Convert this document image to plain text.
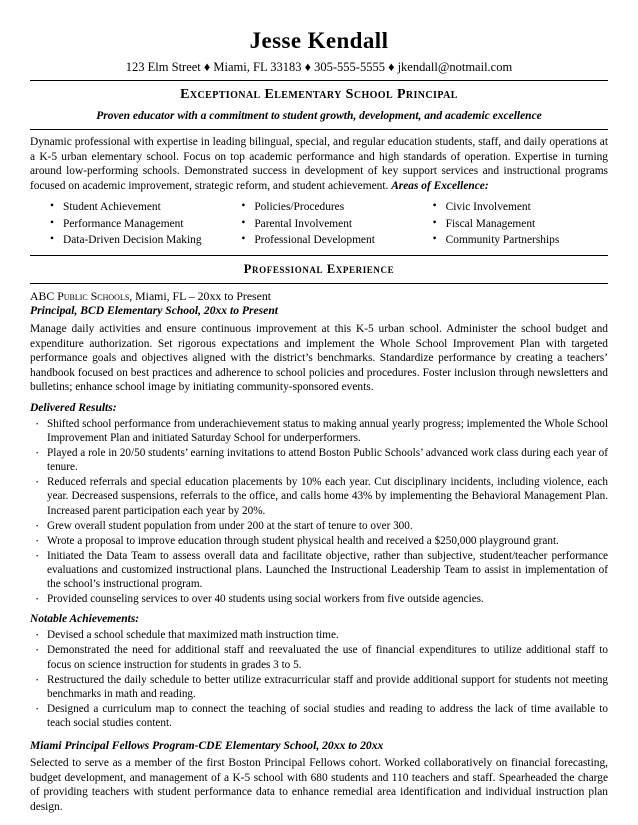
Jesse Kendall
123 Elm Street ♦ Miami, FL 33183 ♦ 305-555-5555 ♦ jkendall@notmail.com
Exceptional Elementary School Principal
Proven educator with a commitment to student growth, development, and academic excellence

Dynamic professional with expertise in leading bilingual, special, and regular education students, staff, and daily operations at a K-5 urban elementary school. Focus on top academic performance and high standards of operation. Expertise in turning around low-performing schools. Demonstrated success in development of key support services and instructional programs focused on academic improvement, strategic reform, and student achievement. Areas of Excellence:

• Student Achievement
• Performance Management
• Data-Driven Decision Making
• Policies/Procedures
• Parental Involvement
• Professional Development
• Civic Involvement
• Fiscal Management
• Community Partnerships
Professional Experience
ABC Public Schools, Miami, FL – 20xx to Present
Principal, BCD Elementary School, 20xx to Present

Manage daily activities and ensure continuous improvement at this K-5 urban school. Administer the school budget and expenditure authorization. Set rigorous expectations and implement the Whole School Improvement Plan with targeted performance goals and objectives aligned with the district’s benchmarks. Standardize performance by creating a teachers’ handbook focused on best practices and adherence to school policies and procedures. Foster inclusion through newsletters and bulletins; enhance school image by initiating community-sponsored events.

Delivered Results:
· Shifted school performance from underachievement status to making annual yearly progress; implemented the Whole School Improvement Plan and initiated Saturday School for underperformers.
· Played a role in 20/50 students’ earning invitations to attend Boston Public Schools’ advanced work class during each year of tenure.
· Reduced referrals and special education placements by 10% each year. Cut disciplinary incidents, including violence, each year. Decreased suspensions, referrals to the office, and calls home 43% by implementing the Behavioral Management Plan. Increased parent participation each year by 20%.
· Grew overall student population from under 200 at the start of tenure to over 300.
· Wrote a proposal to improve education through student physical health and received a $250,000 playground grant.
· Initiated the Data Team to assess overall data and facilitate objective, rather than subjective, student/teacher performance evaluations and customized instructional plans. Launched the Instructional Leadership Team to assist in implementation of the school’s instructional program.
· Provided counseling services to over 40 students using social workers from five outside agencies.
Notable Achievements:
· Devised a school schedule that maximized math instruction time.
· Demonstrated the need for additional staff and reevaluated the use of financial expenditures to utilize additional staff to focus on science instruction for students in grades 3 to 5.
· Restructured the daily schedule to better utilize extracurricular staff and provide additional support for students not meeting benchmarks in math and reading.
· Designed a curriculum map to connect the teaching of social studies and reading to address the lack of time available to teach social studies content.
Miami Principal Fellows Program-CDE Elementary School, 20xx to 20xx

Selected to serve as a member of the first Boston Principal Fellows cohort. Worked collaboratively on financial forecasting, budget development, and management of a K-5 school with 680 students and 110 teachers and staff. Spearheaded the charge of providing teachers with student performance data to enhance remedial area identification and individual instruction plan design.
